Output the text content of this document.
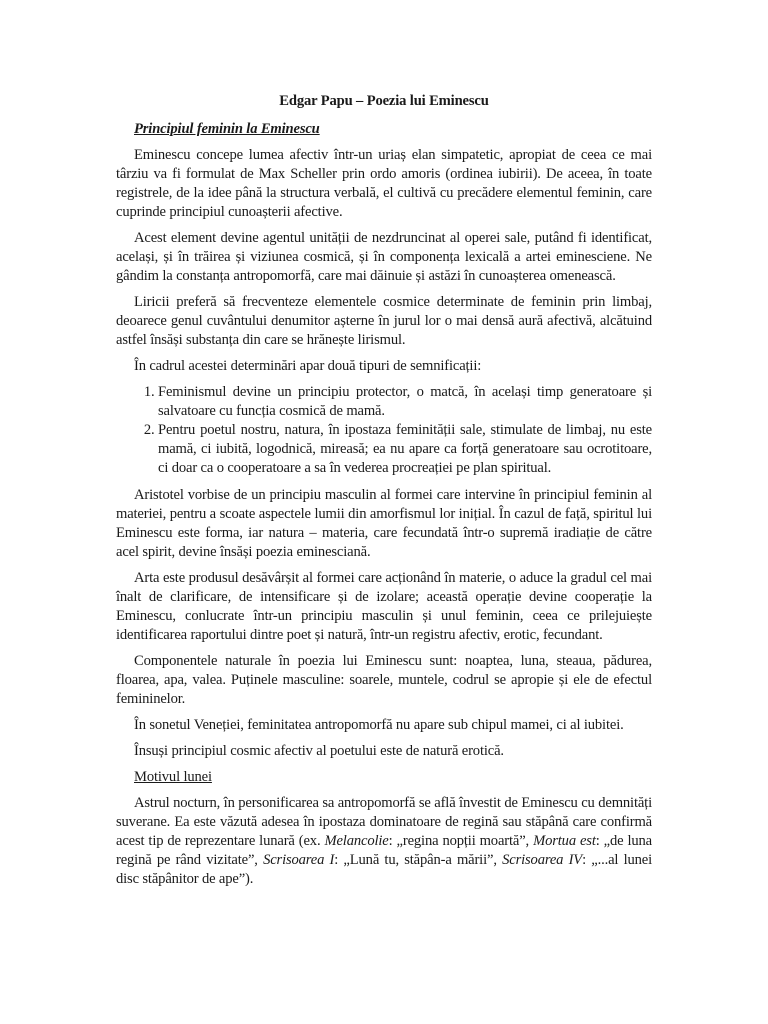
Edgar Papu – Poezia lui Eminescu
Principiul feminin la Eminescu

Eminescu concepe lumea afectiv într-un uriaș elan simpatetic, apropiat de ceea ce mai târziu va fi formulat de Max Scheller prin ordo amoris (ordinea iubirii). De aceea, în toate registrele, de la idee până la structura verbală, el cultivă cu precădere elementul feminin, care cuprinde principiul cunoașterii afective.

Acest element devine agentul unității de nezdruncinat al operei sale, putând fi identificat, același, și în trăirea și viziunea cosmică, și în componența lexicală a artei eminesciene. Ne gândim la constanța antropomorfă, care mai dăinuie și astăzi în cunoașterea omenească.

Liricii preferă să frecventeze elementele cosmice determinate de feminin prin limbaj, deoarece genul cuvântului denumitor așterne în jurul lor o mai densă aură afectivă, alcătuind astfel însăși substanța din care se hrănește lirismul.

În cadrul acestei determinări apar două tipuri de semnificații:

1. Feminismul devine un principiu protector, o matcă, în același timp generatoare și salvatoare cu funcția cosmică de mamă.
2. Pentru poetul nostru, natura, în ipostaza feminității sale, stimulate de limbaj, nu este mamă, ci iubită, logodnică, mireasă; ea nu apare ca forță generatoare sau ocrotitoare, ci doar ca o cooperatoare a sa în vederea procreației pe plan spiritual.

Aristotel vorbise de un principiu masculin al formei care intervine în principiul feminin al materiei, pentru a scoate aspectele lumii din amorfismul lor inițial. În cazul de față, spiritul lui Eminescu este forma, iar natura – materia, care fecundată într-o supremă iradiație de către acel spirit, devine însăși poezia eminesciană.

Arta este produsul desăvârșit al formei care acționând în materie, o aduce la gradul cel mai înalt de clarificare, de intensificare și de izolare; această operație devine cooperație la Eminescu, conlucrate într-un principiu masculin și unul feminin, ceea ce prilejuiește identificarea raportului dintre poet și natură, într-un registru afectiv, erotic, fecundant.

Componentele naturale în poezia lui Eminescu sunt: noaptea, luna, steaua, pădurea, floarea, apa, valea. Puținele masculine: soarele, muntele, codrul se apropie și ele de efectul femininelor.

În sonetul Veneției, feminitatea antropomorfă nu apare sub chipul mamei, ci al iubitei.

Însuși principiul cosmic afectiv al poetului este de natură erotică.

Motivul lunei

Astrul nocturn, în personificarea sa antropomorfă se află învestit de Eminescu cu demnități suverane. Ea este văzută adesea în ipostaza dominatoare de regină sau stăpână care confirmă acest tip de reprezentare lunară (ex. Melancolie: „regina nopții moartă”, Mortua est: „de luna regină pe rând vizitate”, Scrisoarea I: „Lună tu, stăpân-a mării”, Scrisoarea IV: „...al lunei disc stăpânitor de ape”).
